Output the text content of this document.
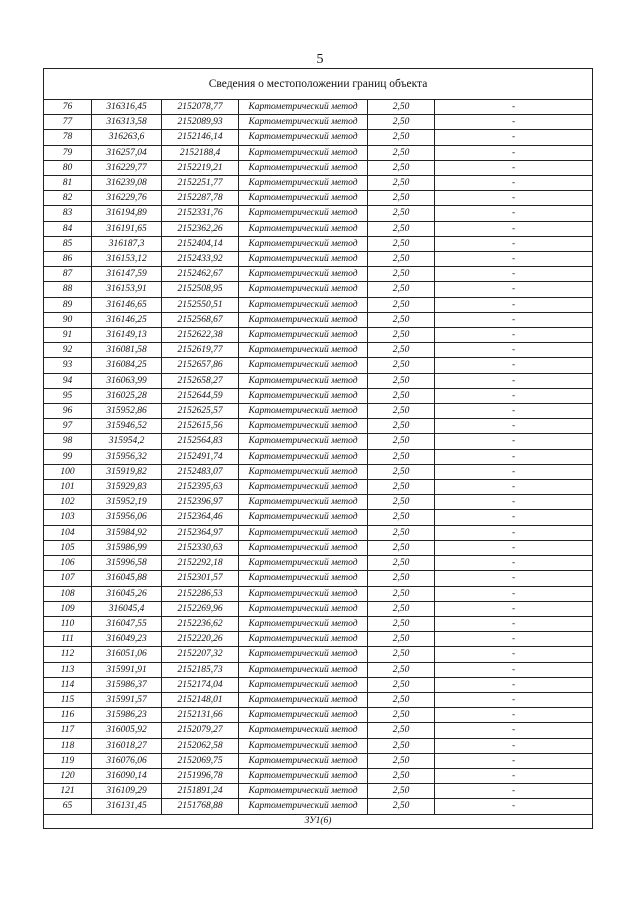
5
Сведения о местоположении границ объекта					
76	316316,45	2152078,77	Картометрический метод	2,50	-
77	316313,58	2152089,93	Картометрический метод	2,50	-
78	316263,6	2152146,14	Картометрический метод	2,50	-
79	316257,04	2152188,4	Картометрический метод	2,50	-
80	316229,77	2152219,21	Картометрический метод	2,50	-
81	316239,08	2152251,77	Картометрический метод	2,50	-
82	316229,76	2152287,78	Картометрический метод	2,50	-
83	316194,89	2152331,76	Картометрический метод	2,50	-
84	316191,65	2152362,26	Картометрический метод	2,50	-
85	316187,3	2152404,14	Картометрический метод	2,50	-
86	316153,12	2152433,92	Картометрический метод	2,50	-
87	316147,59	2152462,67	Картометрический метод	2,50	-
88	316153,91	2152508,95	Картометрический метод	2,50	-
89	316146,65	2152550,51	Картометрический метод	2,50	-
90	316146,25	2152568,67	Картометрический метод	2,50	-
91	316149,13	2152622,38	Картометрический метод	2,50	-
92	316081,58	2152619,77	Картометрический метод	2,50	-
93	316084,25	2152657,86	Картометрический метод	2,50	-
94	316063,99	2152658,27	Картометрический метод	2,50	-
95	316025,28	2152644,59	Картометрический метод	2,50	-
96	315952,86	2152625,57	Картометрический метод	2,50	-
97	315946,52	2152615,56	Картометрический метод	2,50	-
98	315954,2	2152564,83	Картометрический метод	2,50	-
99	315956,32	2152491,74	Картометрический метод	2,50	-
100	315919,82	2152483,07	Картометрический метод	2,50	-
101	315929,83	2152395,63	Картометрический метод	2,50	-
102	315952,19	2152396,97	Картометрический метод	2,50	-
103	315956,06	2152364,46	Картометрический метод	2,50	-
104	315984,92	2152364,97	Картометрический метод	2,50	-
105	315986,99	2152330,63	Картометрический метод	2,50	-
106	315996,58	2152292,18	Картометрический метод	2,50	-
107	316045,88	2152301,57	Картометрический метод	2,50	-
108	316045,26	2152286,53	Картометрический метод	2,50	-
109	316045,4	2152269,96	Картометрический метод	2,50	-
110	316047,55	2152236,62	Картометрический метод	2,50	-
111	316049,23	2152220,26	Картометрический метод	2,50	-
112	316051,06	2152207,32	Картометрический метод	2,50	-
113	315991,91	2152185,73	Картометрический метод	2,50	-
114	315986,37	2152174,04	Картометрический метод	2,50	-
115	315991,57	2152148,01	Картометрический метод	2,50	-
116	315986,23	2152131,66	Картометрический метод	2,50	-
117	316005,92	2152079,27	Картометрический метод	2,50	-
118	316018,27	2152062,58	Картометрический метод	2,50	-
119	316076,06	2152069,75	Картометрический метод	2,50	-
120	316090,14	2151996,78	Картометрический метод	2,50	-
121	316109,29	2151891,24	Картометрический метод	2,50	-
65	316131,45	2151768,88	Картометрический метод	2,50	-
ЗУ1(6)					
